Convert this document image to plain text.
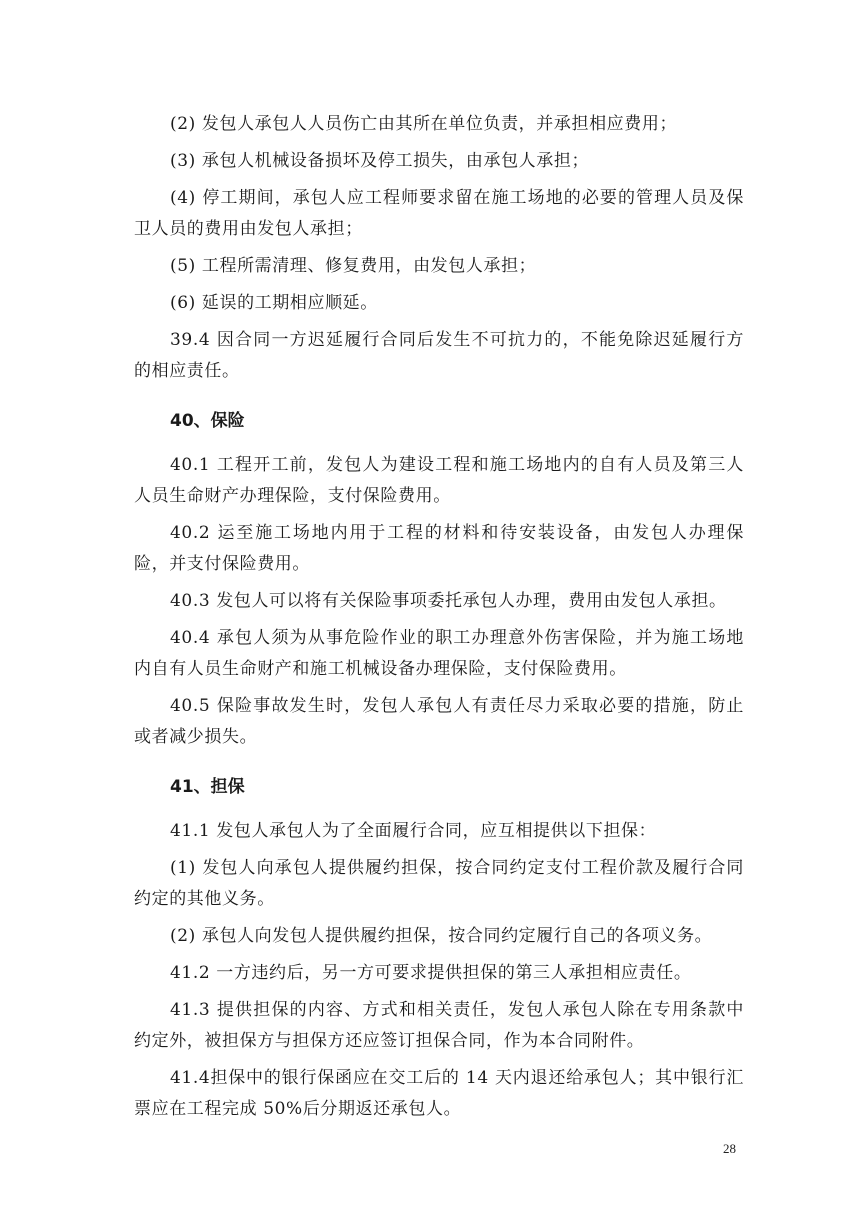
(2) 发包人承包人人员伤亡由其所在单位负责，并承担相应费用；

(3) 承包人机械设备损坏及停工损失，由承包人承担；

(4) 停工期间，承包人应工程师要求留在施工场地的必要的管理人员及保卫人员的费用由发包人承担；

(5) 工程所需清理、修复费用，由发包人承担；

(6) 延误的工期相应顺延。

39.4 因合同一方迟延履行合同后发生不可抗力的，不能免除迟延履行方的相应责任。

40、保险

40.1 工程开工前，发包人为建设工程和施工场地内的自有人员及第三人人员生命财产办理保险，支付保险费用。

40.2 运至施工场地内用于工程的材料和待安装设备，由发包人办理保险，并支付保险费用。

40.3 发包人可以将有关保险事项委托承包人办理，费用由发包人承担。

40.4 承包人须为从事危险作业的职工办理意外伤害保险，并为施工场地内自有人员生命财产和施工机械设备办理保险，支付保险费用。

40.5 保险事故发生时，发包人承包人有责任尽力采取必要的措施，防止或者减少损失。

41、担保

41.1 发包人承包人为了全面履行合同，应互相提供以下担保：

(1) 发包人向承包人提供履约担保，按合同约定支付工程价款及履行合同约定的其他义务。

(2) 承包人向发包人提供履约担保，按合同约定履行自己的各项义务。

41.2 一方违约后，另一方可要求提供担保的第三人承担相应责任。

41.3 提供担保的内容、方式和相关责任，发包人承包人除在专用条款中约定外，被担保方与担保方还应签订担保合同，作为本合同附件。

41.4担保中的银行保函应在交工后的 14 天内退还给承包人；其中银行汇票应在工程完成 50%后分期返还承包人。

28
